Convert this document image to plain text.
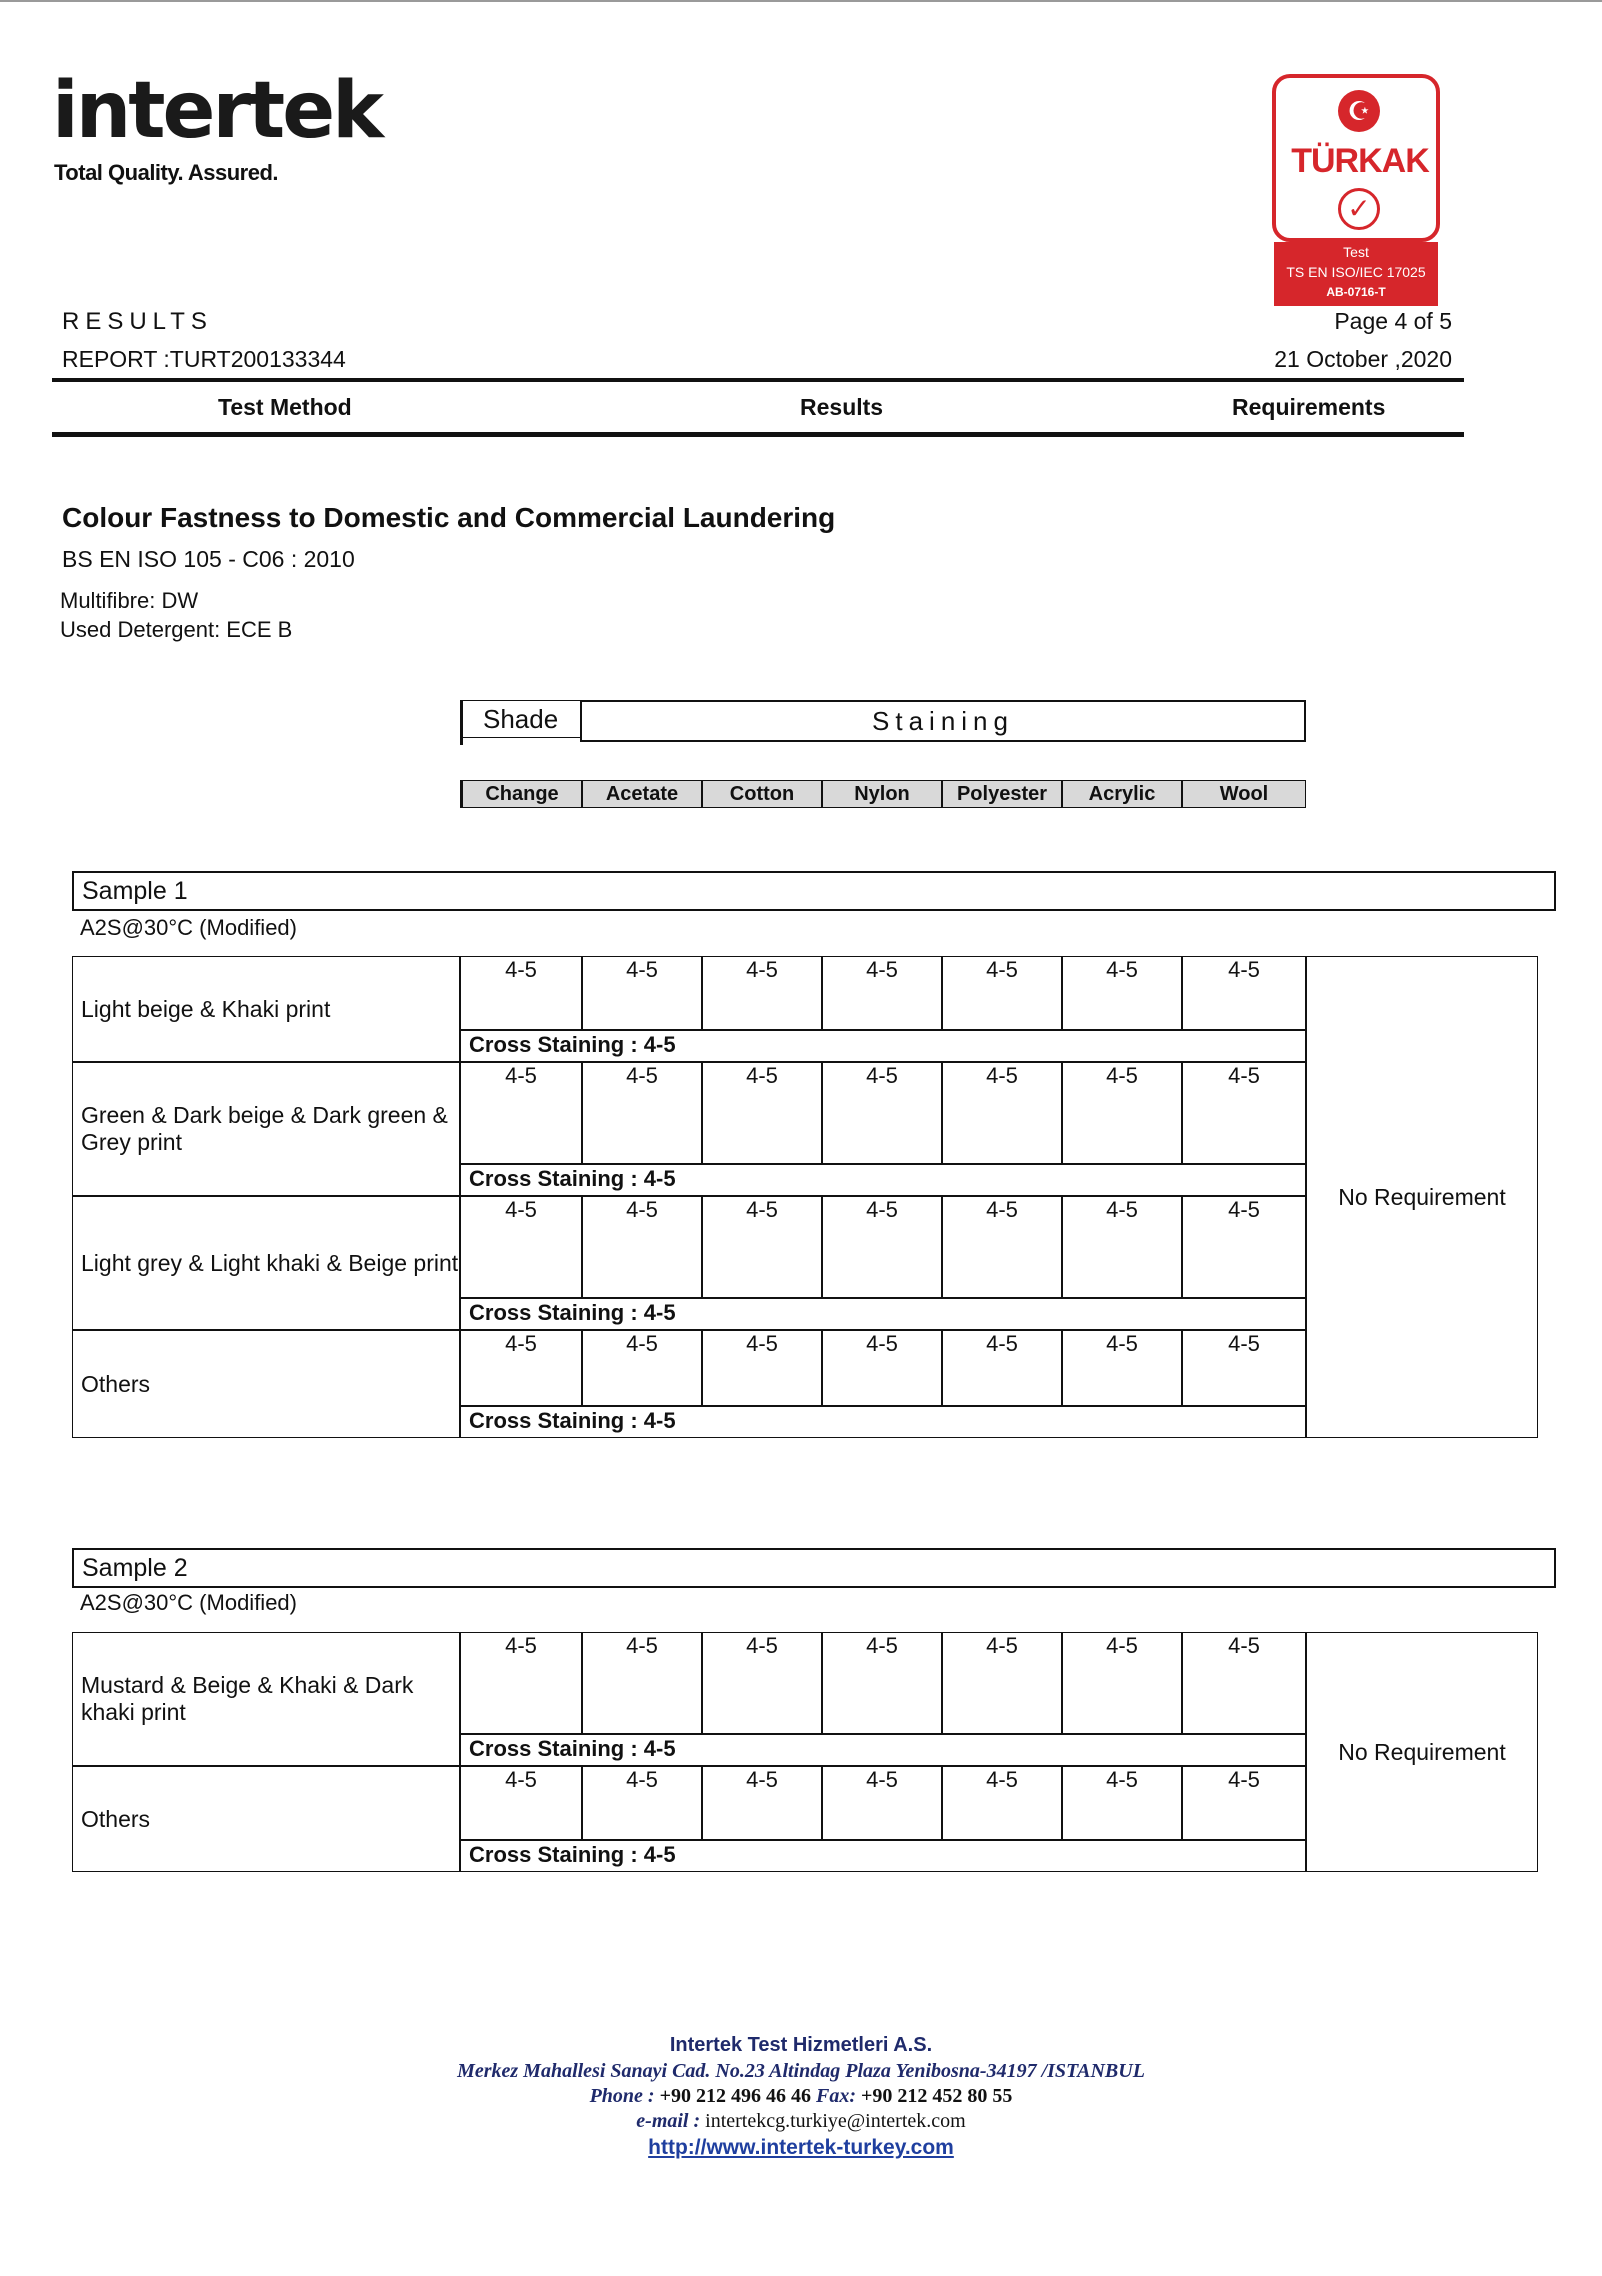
intertek
Total Quality. Assured.
☪
TÜRKAK
✓
Test
TS EN ISO/IEC 17025
AB-0716-T
RESULTS
REPORT :TURT200133344
Page 4 of 5
21 October ,2020
Test Method	Results	Requirements
Colour Fastness to Domestic and Commercial Laundering
BS EN ISO 105 - C06 : 2010
Multifibre: DW
Used Detergent: ECE B
Shade	Staining
Change	Acetate	Cotton	Nylon	Polyester	Acrylic	Wool
Sample 1
A2S@30°C (Modified)
Light beige & Khaki print
4-5	4-5	4-5	4-5	4-5	4-5	4-5
Cross Staining : 4-5
Green & Dark beige & Dark green & Grey print
4-5	4-5	4-5	4-5	4-5	4-5	4-5
Cross Staining : 4-5
Light grey & Light khaki & Beige print
4-5	4-5	4-5	4-5	4-5	4-5	4-5
Cross Staining : 4-5
Others
4-5	4-5	4-5	4-5	4-5	4-5	4-5
Cross Staining : 4-5
No Requirement
Sample 2
A2S@30°C (Modified)
Mustard & Beige & Khaki & Dark khaki print
4-5	4-5	4-5	4-5	4-5	4-5	4-5
Cross Staining : 4-5
Others
4-5	4-5	4-5	4-5	4-5	4-5	4-5
Cross Staining : 4-5
No Requirement
Intertek Test Hizmetleri A.S.
Merkez Mahallesi Sanayi Cad. No.23 Altindag Plaza Yenibosna-34197 /ISTANBUL
Phone : +90 212 496 46 46 Fax: +90 212 452 80 55
e-mail : intertekcg.turkiye@intertek.com
http://www.intertek-turkey.com
